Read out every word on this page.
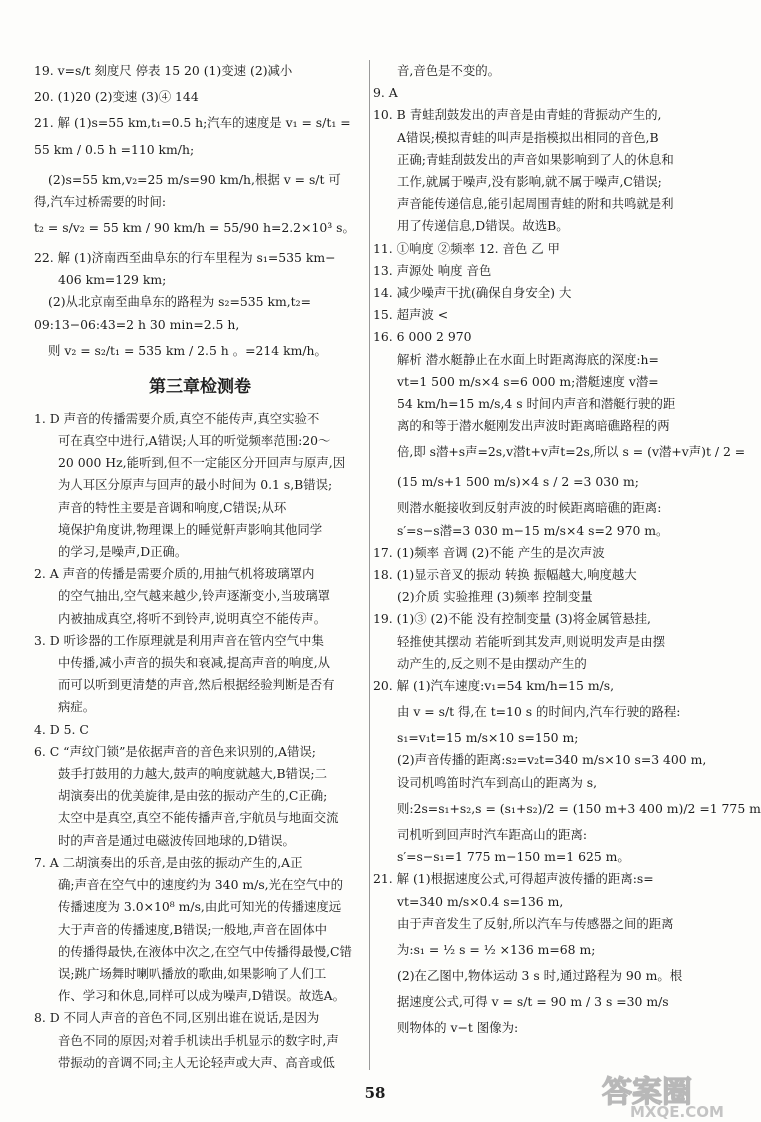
19. v=s/t 刻度尺 停表 15 20 (1)变速 (2)减小
20. (1)20 (2)变速 (3)④ 144
21. 解 (1)s=55 km,t₁=0.5 h;汽车的速度是 v₁ = s/t₁ =
55 km / 0.5 h =110 km/h;
(2)s=55 km,v₂=25 m/s=90 km/h,根据 v = s/t 可
得,汽车过桥需要的时间:
t₂ = s/v₂ = 55 km / 90 km/h = 55/90 h=2.2×10³ s。
22. 解 (1)济南西至曲阜东的行车里程为 s₁=535 km−
406 km=129 km;
(2)从北京南至曲阜东的路程为 s₂=535 km,t₂=
09:13−06:43=2 h 30 min=2.5 h,
则 v₂ = s₂/t₁ = 535 km / 2.5 h 。=214 km/h。
第三章检测卷
1. D 声音的传播需要介质,真空不能传声,真空实验不
可在真空中进行,A错误;人耳的听觉频率范围:20～
20 000 Hz,能听到,但不一定能区分开回声与原声,因
为人耳区分原声与回声的最小时间为 0.1 s,B错误;
声音的特性主要是音调和响度,C错误;从环
境保护角度讲,物理课上的睡觉鼾声影响其他同学
的学习,是噪声,D正确。
2. A 声音的传播是需要介质的,用抽气机将玻璃罩内
的空气抽出,空气越来越少,铃声逐渐变小,当玻璃罩
内被抽成真空,将听不到铃声,说明真空不能传声。
3. D 听诊器的工作原理就是利用声音在管内空气中集
中传播,减小声音的损失和衰减,提高声音的响度,从
而可以听到更清楚的声音,然后根据经验判断是否有
病症。
4. D 5. C
6. C “声纹门锁”是依据声音的音色来识别的,A错误;
鼓手打鼓用的力越大,鼓声的响度就越大,B错误;二
胡演奏出的优美旋律,是由弦的振动产生的,C正确;
太空中是真空,真空不能传播声音,宇航员与地面交流
时的声音是通过电磁波传回地球的,D错误。
7. A 二胡演奏出的乐音,是由弦的振动产生的,A正
确;声音在空气中的速度约为 340 m/s,光在空气中的
传播速度为 3.0×10⁸ m/s,由此可知光的传播速度远
大于声音的传播速度,B错误;一般地,声音在固体中
的传播得最快,在液体中次之,在空气中传播得最慢,C错
误;跳广场舞时喇叭播放的歌曲,如果影响了人们工
作、学习和休息,同样可以成为噪声,D错误。故选A。
8. D 不同人声音的音色不同,区别出谁在说话,是因为
音色不同的原因;对着手机读出手机显示的数字时,声
带振动的音调不同;主人无论轻声或大声、高音或低
音,音色是不变的。
9. A
10. B 青蛙刮鼓发出的声音是由青蛙的背振动产生的,
A错误;模拟青蛙的叫声是指模拟出相同的音色,B
正确;青蛙刮鼓发出的声音如果影响到了人的休息和
工作,就属于噪声,没有影响,就不属于噪声,C错误;
声音能传递信息,能引起周围青蛙的附和共鸣就是利
用了传递信息,D错误。故选B。
11. ①响度 ②频率 12. 音色 乙 甲
13. 声源处 响度 音色
14. 减少噪声干扰(确保自身安全) 大
15. 超声波 <
16. 6 000 2 970
解析 潜水艇静止在水面上时距离海底的深度:h=
vt=1 500 m/s×4 s=6 000 m;潜艇速度 v潜=
54 km/h=15 m/s,4 s 时间内声音和潜艇行驶的距
离的和等于潜水艇刚发出声波时距离暗礁路程的两
倍,即 s潜+s声=2s,v潜t+v声t=2s,所以 s = (v潜+v声)t / 2 =
(15 m/s+1 500 m/s)×4 s / 2 =3 030 m;
则潜水艇接收到反射声波的时候距离暗礁的距离:
s′=s−s潜=3 030 m−15 m/s×4 s=2 970 m。
17. (1)频率 音调 (2)不能 产生的是次声波
18. (1)显示音叉的振动 转换 振幅越大,响度越大
(2)介质 实验推理 (3)频率 控制变量
19. (1)③ (2)不能 没有控制变量 (3)将金属管悬挂,
轻推使其摆动 若能听到其发声,则说明发声是由摆
动产生的,反之则不是由摆动产生的
20. 解 (1)汽车速度:v₁=54 km/h=15 m/s,
由 v = s/t 得,在 t=10 s 的时间内,汽车行驶的路程:
s₁=v₁t=15 m/s×10 s=150 m;
(2)声音传播的距离:s₂=v₂t=340 m/s×10 s=3 400 m,
设司机鸣笛时汽车到高山的距离为 s,
则:2s=s₁+s₂,s = (s₁+s₂)/2 = (150 m+3 400 m)/2 =1 775 m
司机听到回声时汽车距高山的距离:
s′=s−s₁=1 775 m−150 m=1 625 m。
21. 解 (1)根据速度公式,可得超声波传播的距离:s=
vt=340 m/s×0.4 s=136 m,
由于声音发生了反射,所以汽车与传感器之间的距离
为:s₁ = ½ s = ½ ×136 m=68 m;
(2)在乙图中,物体运动 3 s 时,通过路程为 90 m。根
据速度公式,可得 v = s/t = 90 m / 3 s =30 m/s
则物体的 v−t 图像为:
58	答案圈
MXQE.COM
